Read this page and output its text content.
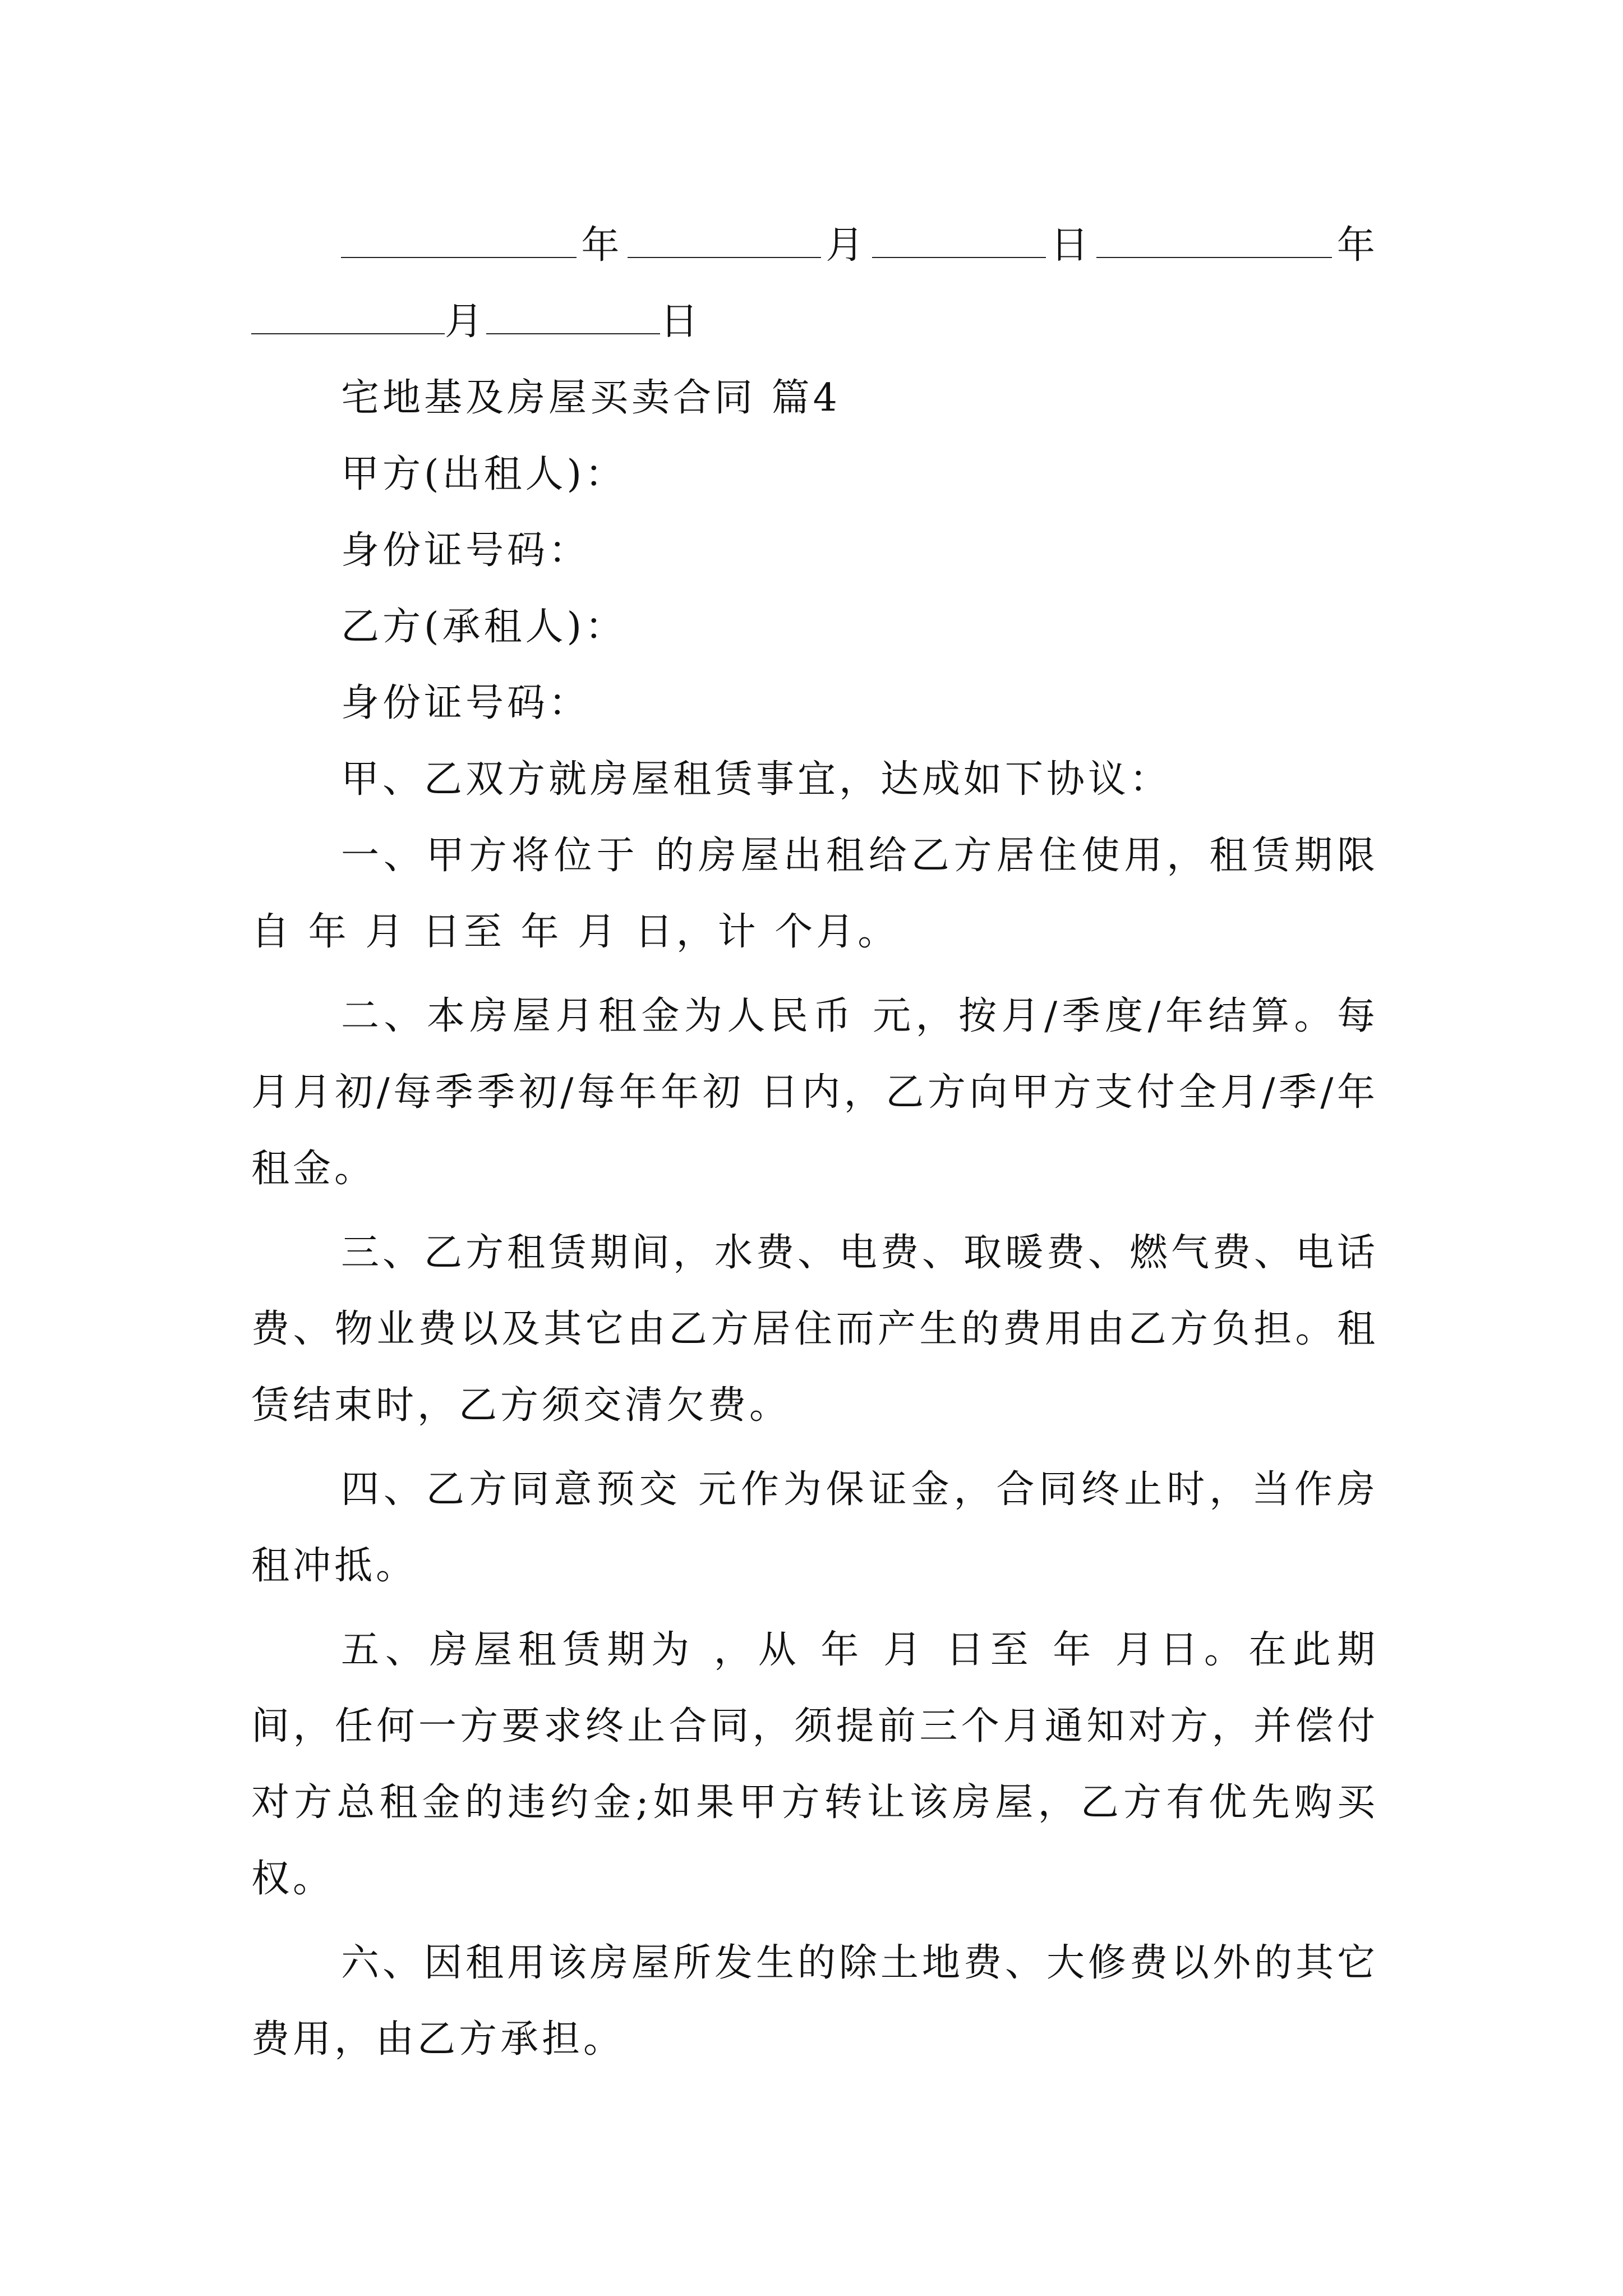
年	月	日	年
月	日
宅地基及房屋买卖合同 篇4
甲方(出租人)：
身份证号码：
乙方(承租人)：
身份证号码：
甲、乙双方就房屋租赁事宜，达成如下协议：

一、甲方将位于 的房屋出租给乙方居住使用，租赁期限自 年 月 日至 年 月 日，计 个月。

二、本房屋月租金为人民币 元，按月/季度/年结算。每月月初/每季季初/每年年初 日内，乙方向甲方支付全月/季/年租金。

三、乙方租赁期间，水费、电费、取暖费、燃气费、电话费、物业费以及其它由乙方居住而产生的费用由乙方负担。租赁结束时，乙方须交清欠费。

四、乙方同意预交 元作为保证金，合同终止时，当作房租冲抵。

五、房屋租赁期为 ，从 年 月 日至 年 月日。在此期间，任何一方要求终止合同，须提前三个月通知对方，并偿付对方总租金的违约金;如果甲方转让该房屋，乙方有优先购买权。

六、因租用该房屋所发生的除土地费、大修费以外的其它费用，由乙方承担。
